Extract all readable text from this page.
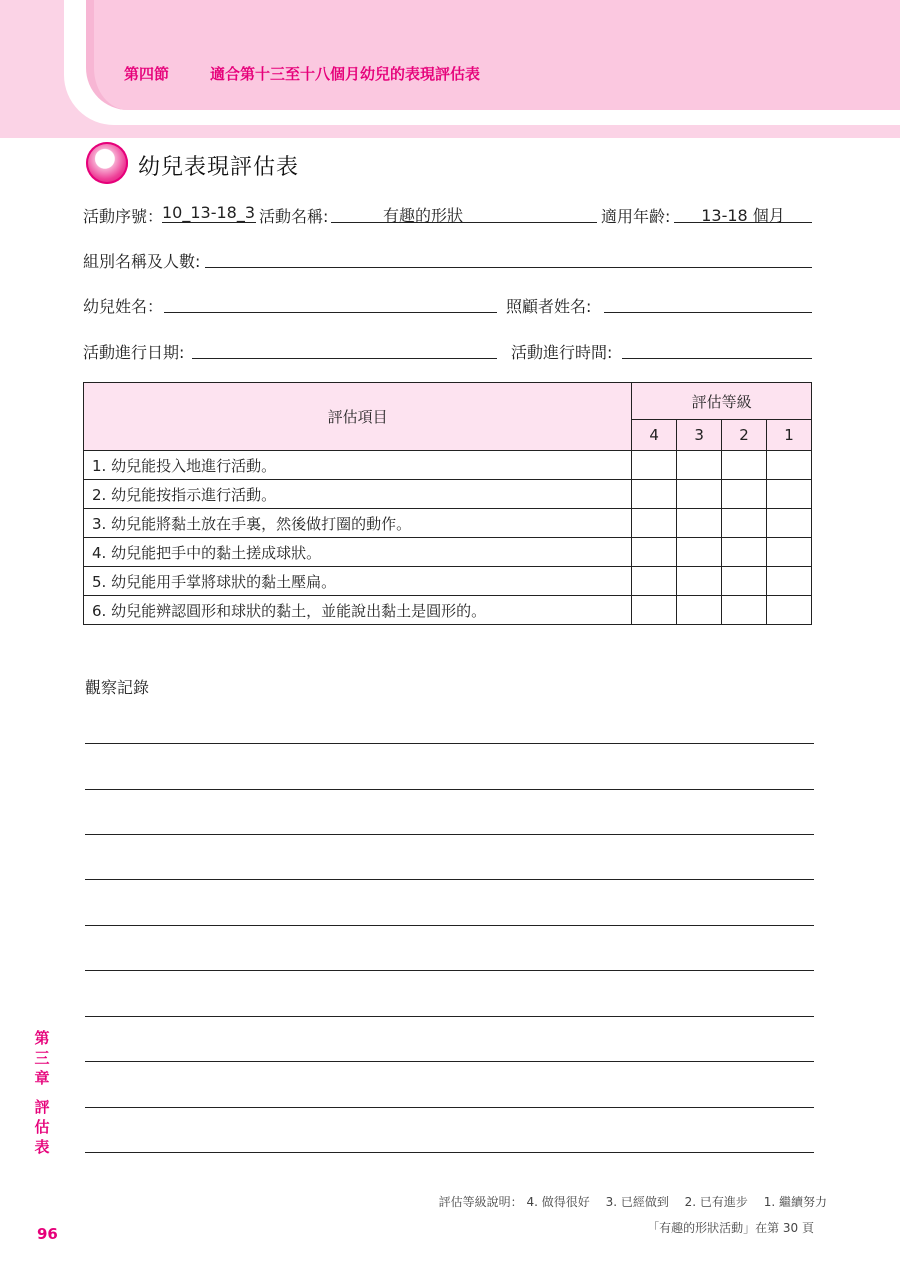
第四節	適合第十三至十八個月幼兒的表現評估表
幼兒表現評估表
活動序號：
10_13-18_3 活動名稱:	有趣的形狀	適用年齡:	13-18 個月
組別名稱及人數:
幼兒姓名：	照顧者姓名:
活動進行日期:	活動進行時間:
評估項目	評估等級			
	4	3	2	1
1. 幼兒能投入地進行活動。				
2. 幼兒能按指示進行活動。				
3. 幼兒能將黏土放在手裏，然後做打圈的動作。				
4. 幼兒能把手中的黏土搓成球狀。				
5. 幼兒能用手掌將球狀的黏土壓扁。				
6. 幼兒能辨認圓形和球狀的黏土，並能說出黏土是圓形的。				
觀察記錄
第
三
章
評
估
表
96
評估等級說明： 4. 做得很好　 3. 已經做到　 2. 已有進步　 1. 繼續努力
「有趣的形狀活動」在第 30 頁
